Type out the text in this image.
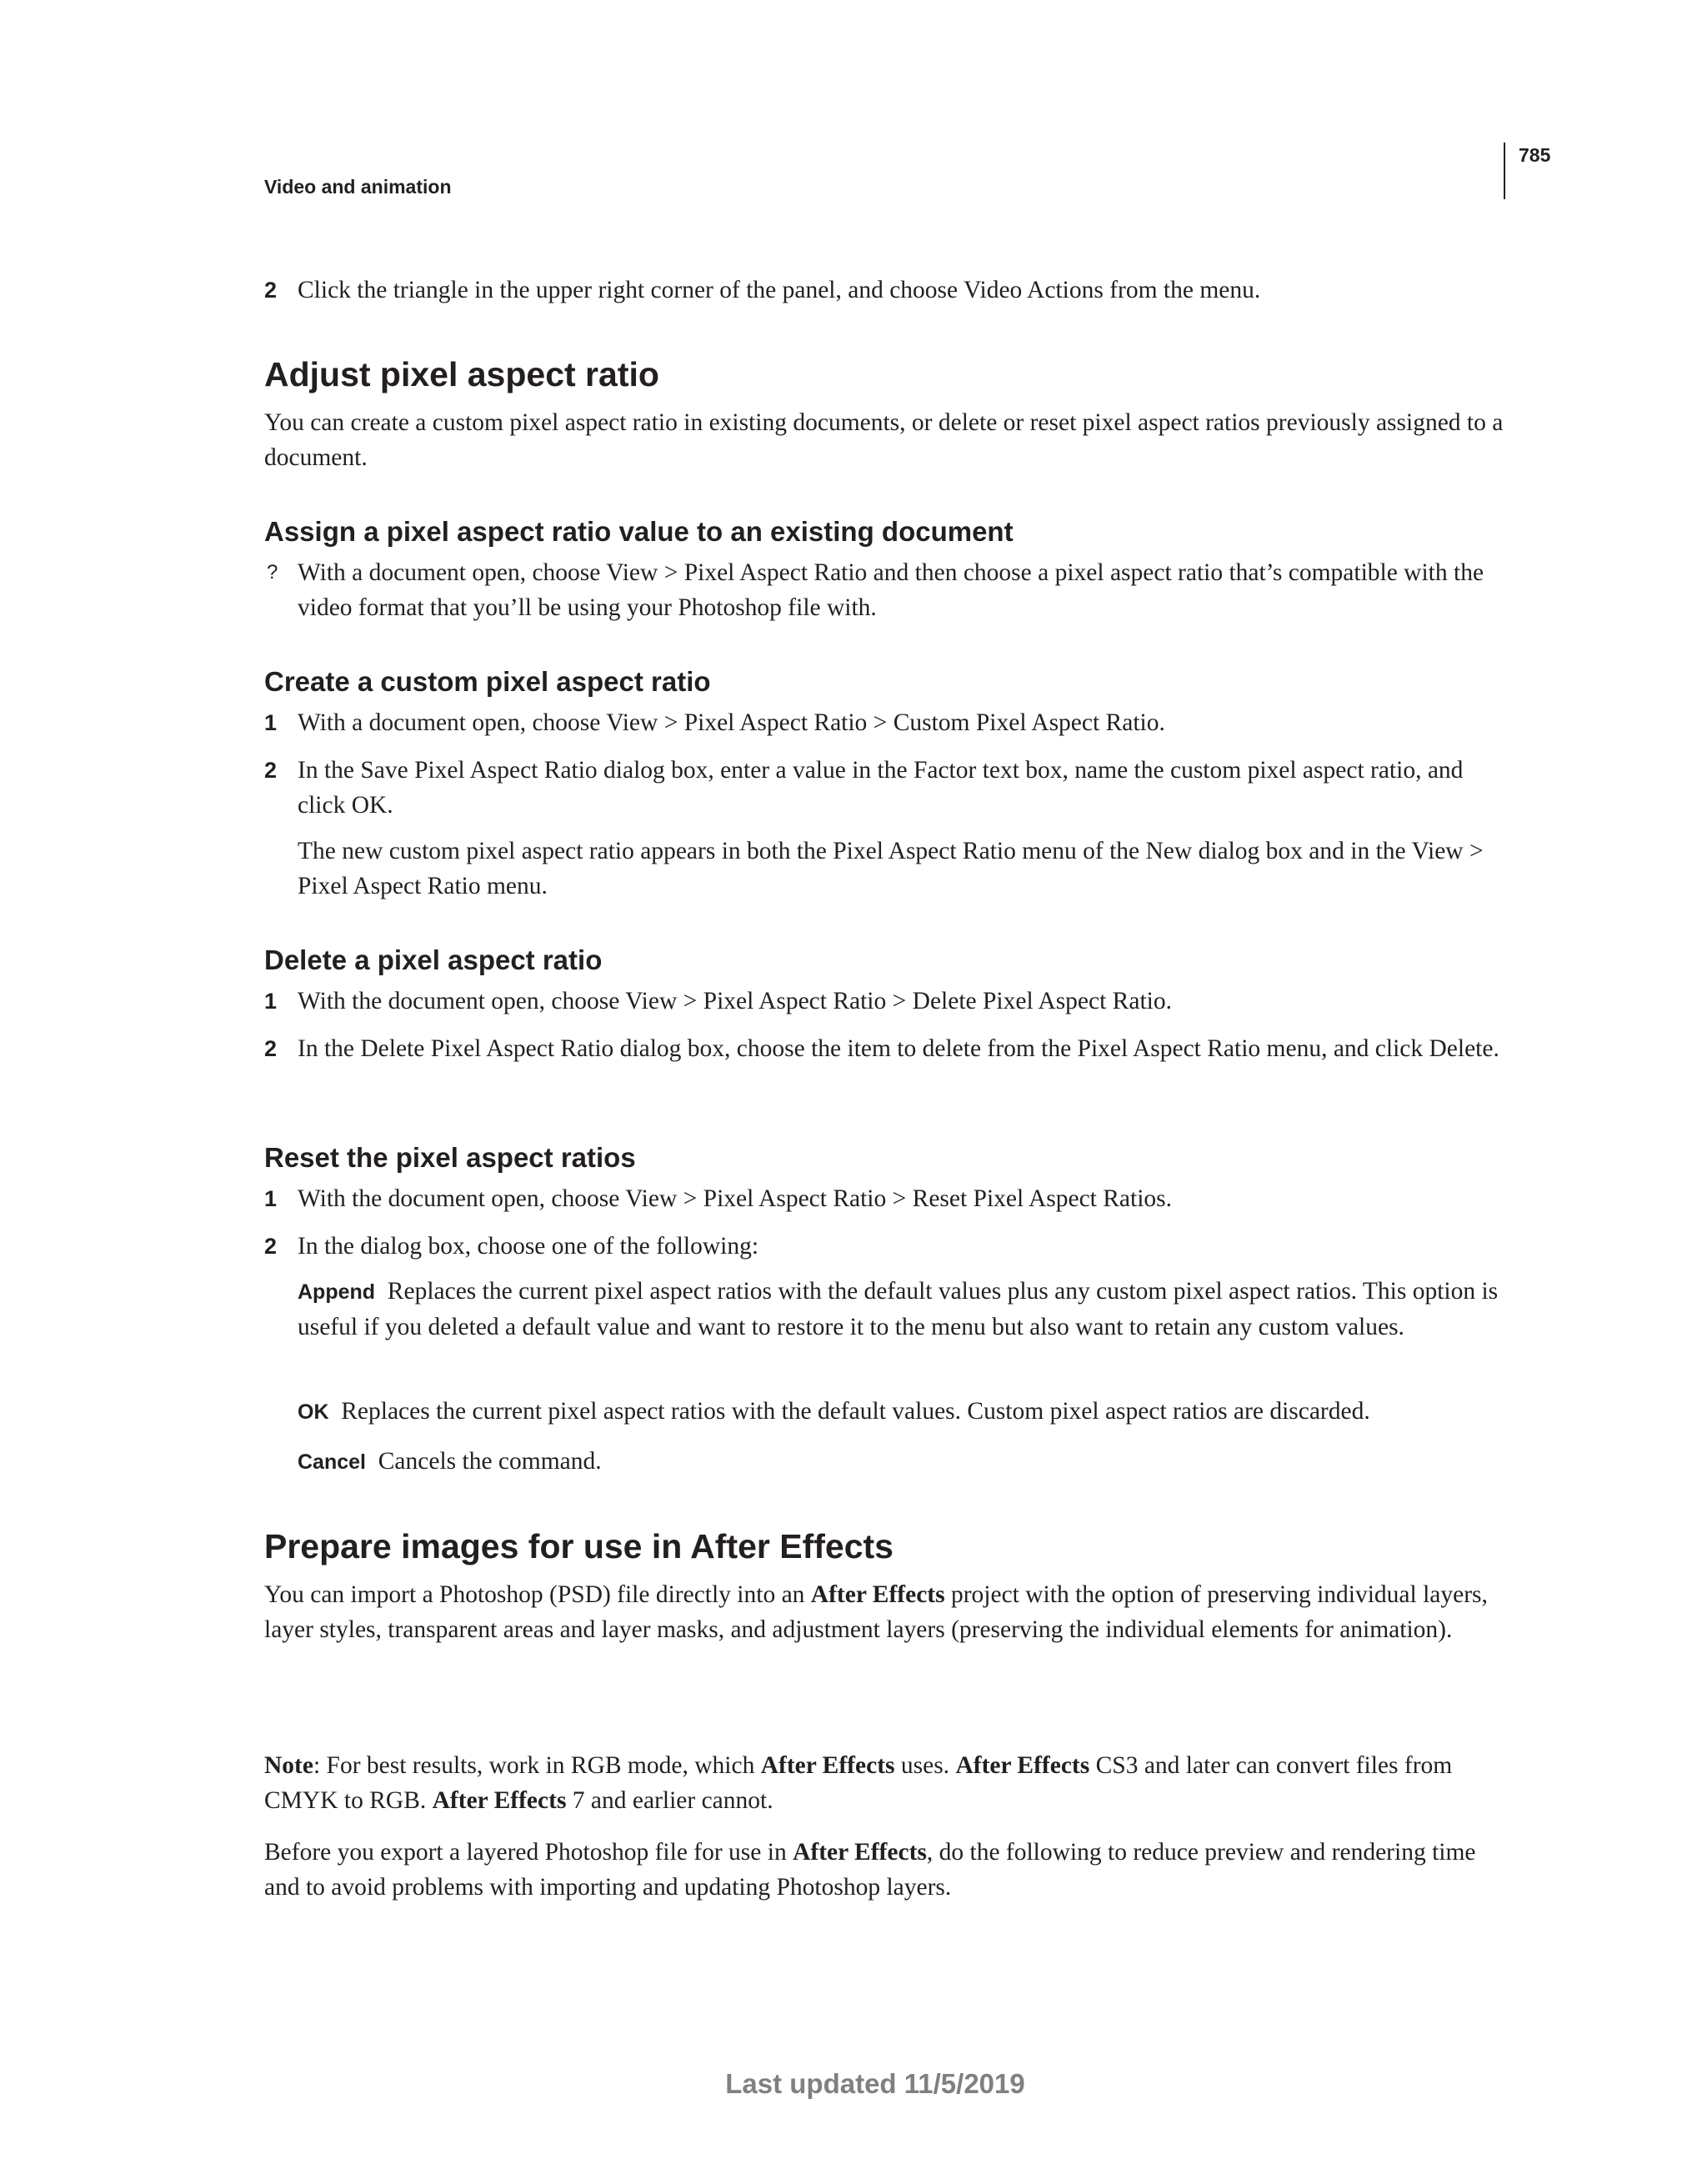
Video and animation
785
2 Click the triangle in the upper right corner of the panel, and choose Video Actions from the menu.

Adjust pixel aspect ratio

You can create a custom pixel aspect ratio in existing documents, or delete or reset pixel aspect ratios previously assigned to a document.

Assign a pixel aspect ratio value to an existing document
? With a document open, choose View > Pixel Aspect Ratio and then choose a pixel aspect ratio that’s compatible with the video format that you’ll be using your Photoshop file with.

Create a custom pixel aspect ratio
1 With a document open, choose View > Pixel Aspect Ratio > Custom Pixel Aspect Ratio.

2 In the Save Pixel Aspect Ratio dialog box, enter a value in the Factor text box, name the custom pixel aspect ratio, and click OK.

The new custom pixel aspect ratio appears in both the Pixel Aspect Ratio menu of the New dialog box and in the View > Pixel Aspect Ratio menu.

Delete a pixel aspect ratio
1 With the document open, choose View > Pixel Aspect Ratio > Delete Pixel Aspect Ratio.

2 In the Delete Pixel Aspect Ratio dialog box, choose the item to delete from the Pixel Aspect Ratio menu, and click Delete.

Reset the pixel aspect ratios
1 With the document open, choose View > Pixel Aspect Ratio > Reset Pixel Aspect Ratios.

2 In the dialog box, choose one of the following:

Append Replaces the current pixel aspect ratios with the default values plus any custom pixel aspect ratios. This option is useful if you deleted a default value and want to restore it to the menu but also want to retain any custom values.

OK Replaces the current pixel aspect ratios with the default values. Custom pixel aspect ratios are discarded.

Cancel Cancels the command.

Prepare images for use in After Effects

You can import a Photoshop (PSD) file directly into an After Effects project with the option of preserving individual layers, layer styles, transparent areas and layer masks, and adjustment layers (preserving the individual elements for animation).

Note: For best results, work in RGB mode, which After Effects uses. After Effects CS3 and later can convert files from CMYK to RGB. After Effects 7 and earlier cannot.

Before you export a layered Photoshop file for use in After Effects, do the following to reduce preview and rendering time and to avoid problems with importing and updating Photoshop layers.

Last updated 11/5/2019
